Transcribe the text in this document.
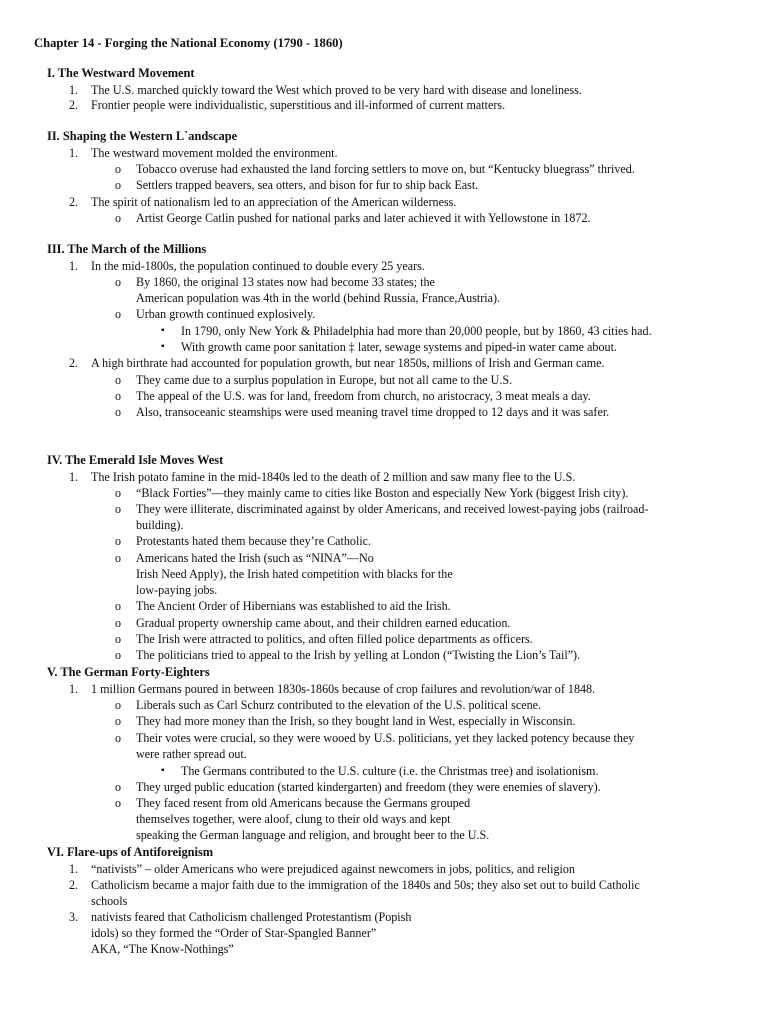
Chapter 14 - Forging the National Economy (1790 - 1860)
I. The Westward Movement
1. The U.S. marched quickly toward the West which proved to be very hard with disease and loneliness.
2. Frontier people were individualistic, superstitious and ill-informed of current matters.
II. Shaping the Western L`andscape
1. The westward movement molded the environment.
o Tobacco overuse had exhausted the land forcing settlers to move on, but “Kentucky bluegrass” thrived.
o Settlers trapped beavers, sea otters, and bison for fur to ship back East.
2. The spirit of nationalism led to an appreciation of the American wilderness.
o Artist George Catlin pushed for national parks and later achieved it with Yellowstone in 1872.
III. The March of the Millions
1. In the mid-1800s, the population continued to double every 25 years.
o By 1860, the original 13 states now had become 33 states; the
American population was 4th in the world (behind Russia, France,Austria).
o Urban growth continued explosively.
▪ In 1790, only New York & Philadelphia had more than 20,000 people, but by 1860, 43 cities had.
▪ With growth came poor sanitation ‡ later, sewage systems and piped-in water came about.
2. A high birthrate had accounted for population growth, but near 1850s, millions of Irish and German came.
o They came due to a surplus population in Europe, but not all came to the U.S.
o The appeal of the U.S. was for land, freedom from church, no aristocracy, 3 meat meals a day.
o Also, transoceanic steamships were used meaning travel time dropped to 12 days and it was safer.
IV. The Emerald Isle Moves West
1. The Irish potato famine in the mid-1840s led to the death of 2 million and saw many flee to the U.S.
o “Black Forties”—they mainly came to cities like Boston and especially New York (biggest Irish city).
o They were illiterate, discriminated against by older Americans, and received lowest-paying jobs (railroad-
building).
o Protestants hated them because they’re Catholic.
o Americans hated the Irish (such as “NINA”—No
Irish Need Apply), the Irish hated competition with blacks for the
low-paying jobs.
o The Ancient Order of Hibernians was established to aid the Irish.
o Gradual property ownership came about, and their children earned education.
o The Irish were attracted to politics, and often filled police departments as officers.
o The politicians tried to appeal to the Irish by yelling at London (“Twisting the Lion’s Tail”).
V. The German Forty-Eighters
1. 1 million Germans poured in between 1830s-1860s because of crop failures and revolution/war of 1848.
o Liberals such as Carl Schurz contributed to the elevation of the U.S. political scene.
o They had more money than the Irish, so they bought land in West, especially in Wisconsin.
o Their votes were crucial, so they were wooed by U.S. politicians, yet they lacked potency because they
were rather spread out.
▪ The Germans contributed to the U.S. culture (i.e. the Christmas tree) and isolationism.
o They urged public education (started kindergarten) and freedom (they were enemies of slavery).
o They faced resent from old Americans because the Germans grouped
themselves together, were aloof, clung to their old ways and kept
speaking the German language and religion, and brought beer to the U.S.
VI. Flare-ups of Antiforeignism
1. “nativists” – older Americans who were prejudiced against newcomers in jobs, politics, and religion
2. Catholicism became a major faith due to the immigration of the 1840s and 50s; they also set out to build Catholic
schools
3. nativists feared that Catholicism challenged Protestantism (Popish
idols) so they formed the “Order of Star-Spangled Banner”
AKA, “The Know-Nothings”
